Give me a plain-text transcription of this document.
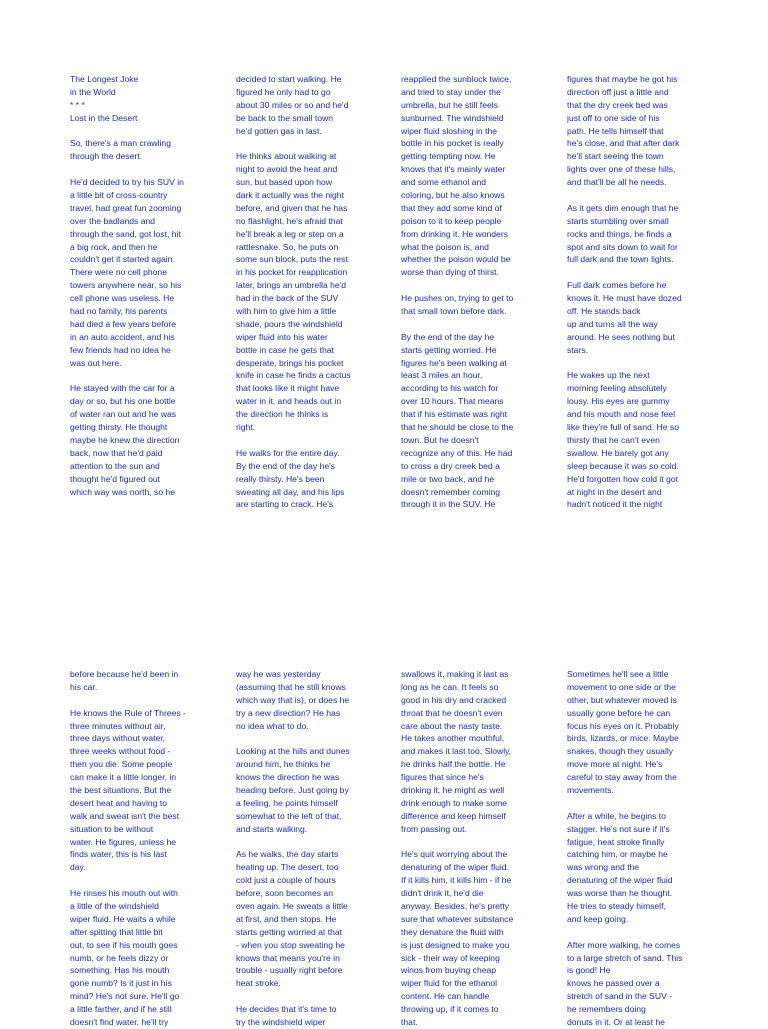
The Longest Joke
in the World
* * *
Lost in the Desert
So, there's a man crawling
through the desert.
He'd decided to try his SUV in
a little bit of cross-country
travel, had great fun zooming
over the badlands and
through the sand, got lost, hit
a big rock, and then he
couldn't get it started again.
There were no cell phone
towers anywhere near, so his
cell phone was useless. He
had no family, his parents
had died a few years before
in an auto accident, and his
few friends had no idea he
was out here.
He stayed with the car for a
day or so, but his one bottle
of water ran out and he was
getting thirsty. He thought
maybe he knew the direction
back, now that he'd paid
attention to the sun and
thought he'd figured out
which way was north, so he
decided to start walking. He
figured he only had to go
about 30 miles or so and he'd
be back to the small town
he'd gotten gas in last.
He thinks about walking at
night to avoid the heat and
sun, but based upon how
dark it actually was the night
before, and given that he has
no flashlight, he's afraid that
he'll break a leg or step on a
rattlesnake. So, he puts on
some sun block, puts the rest
in his pocket for reapplication
later, brings an umbrella he'd
had in the back of the SUV
with him to give him a little
shade, pours the windshield
wiper fluid into his water
bottle in case he gets that
desperate, brings his pocket
knife in case he finds a cactus
that looks like it might have
water in it, and heads out in
the direction he thinks is
right.
He walks for the entire day.
By the end of the day he's
really thirsty. He's been
sweating all day, and his lips
are starting to crack. He's
reapplied the sunblock twice,
and tried to stay under the
umbrella, but he still feels
sunburned. The windshield
wiper fluid sloshing in the
bottle in his pocket is really
getting tempting now. He
knows that it's mainly water
and some ethanol and
coloring, but he also knows
that they add some kind of
poison to it to keep people
from drinking it. He wonders
what the poison is, and
whether the poison would be
worse than dying of thirst.
He pushes on, trying to get to
that small town before dark.
By the end of the day he
starts getting worried. He
figures he's been walking at
least 3 miles an hour,
according to his watch for
over 10 hours. That means
that if his estimate was right
that he should be close to the
town. But he doesn't
recognize any of this. He had
to cross a dry creek bed a
mile or two back, and he
doesn't remember coming
through it in the SUV. He
figures that maybe he got his
direction off just a little and
that the dry creek bed was
just off to one side of his
path. He tells himself that
he's close, and that after dark
he'll start seeing the town
lights over one of these hills,
and that'll be all he needs.
As it gets dim enough that he
starts stumbling over small
rocks and things, he finds a
spot and sits down to wait for
full dark and the town lights.
Full dark comes before he
knows it. He must have dozed
off. He stands back
up and turns all the way
around. He sees nothing but
stars.
He wakes up the next
morning feeling absolutely
lousy. His eyes are gummy
and his mouth and nose feel
like they're full of sand. He so
thirsty that he can't even
swallow. He barely got any
sleep because it was so cold.
He'd forgotten how cold it got
at night in the desert and
hadn't noticed it the night
before because he'd been in
his car.
He knows the Rule of Threes -
three minutes without air,
three days without water,
three weeks without food -
then you die. Some people
can make it a little longer, in
the best situations. But the
desert heat and having to
walk and sweat isn't the best
situation to be without
water. He figures, unless he
finds water, this is his last
day.
He rinses his mouth out with
a little of the windshield
wiper fluid. He waits a while
after spitting that little bit
out, to see if his mouth goes
numb, or he feels dizzy or
something. Has his mouth
gone numb? Is it just in his
mind? He's not sure. He'll go
a little farther, and if he still
doesn't find water, he'll try
way he was yesterday
(assuming that he still knows
which way that is), or does he
try a new direction? He has
no idea what to do.
Looking at the hills and dunes
around him, he thinks he
knows the direction he was
heading before. Just going by
a feeling, he points himself
somewhat to the left of that,
and starts walking.
As he walks, the day starts
heating up. The desert, too
cold just a couple of hours
before, soon becomes an
oven again. He sweats a little
at first, and then stops. He
starts getting worried at that
- when you stop sweating he
knows that means you're in
trouble - usually right before
heat stroke.
He decides that it's time to
try the windshield wiper
swallows it, making it last as
long as he can. It feels so
good in his dry and cracked
throat that he doesn't even
care about the nasty taste.
He takes another mouthful,
and makes it last too. Slowly,
he drinks half the bottle. He
figures that since he's
drinking it, he might as well
drink enough to make some
difference and keep himself
from passing out.
He's quit worrying about the
denaturing of the wiper fluid.
If it kills him, it kills him - if he
didn't drink it, he'd die
anyway. Besides, he's pretty
sure that whatever substance
they denature the fluid with
is just designed to make you
sick - their way of keeping
winos from buying cheap
wiper fluid for the ethanol
content. He can handle
throwing up, if it comes to
that.
Sometimes he'll see a little
movement to one side or the
other, but whatever moved is
usually gone before he can
focus his eyes on it. Probably
birds, lizards, or mice. Maybe
snakes, though they usually
move more at night. He's
careful to stay away from the
movements.
After a while, he begins to
stagger. He's not sure if it's
fatigue, heat stroke finally
catching him, or maybe he
was wrong and the
denaturing of the wiper fluid
was worse than he thought.
He tries to steady himself,
and keep going.
After more walking, he comes
to a large stretch of sand. This
is good! He
knows he passed over a
stretch of sand in the SUV -
he remembers doing
donuts in it. Or at least he
